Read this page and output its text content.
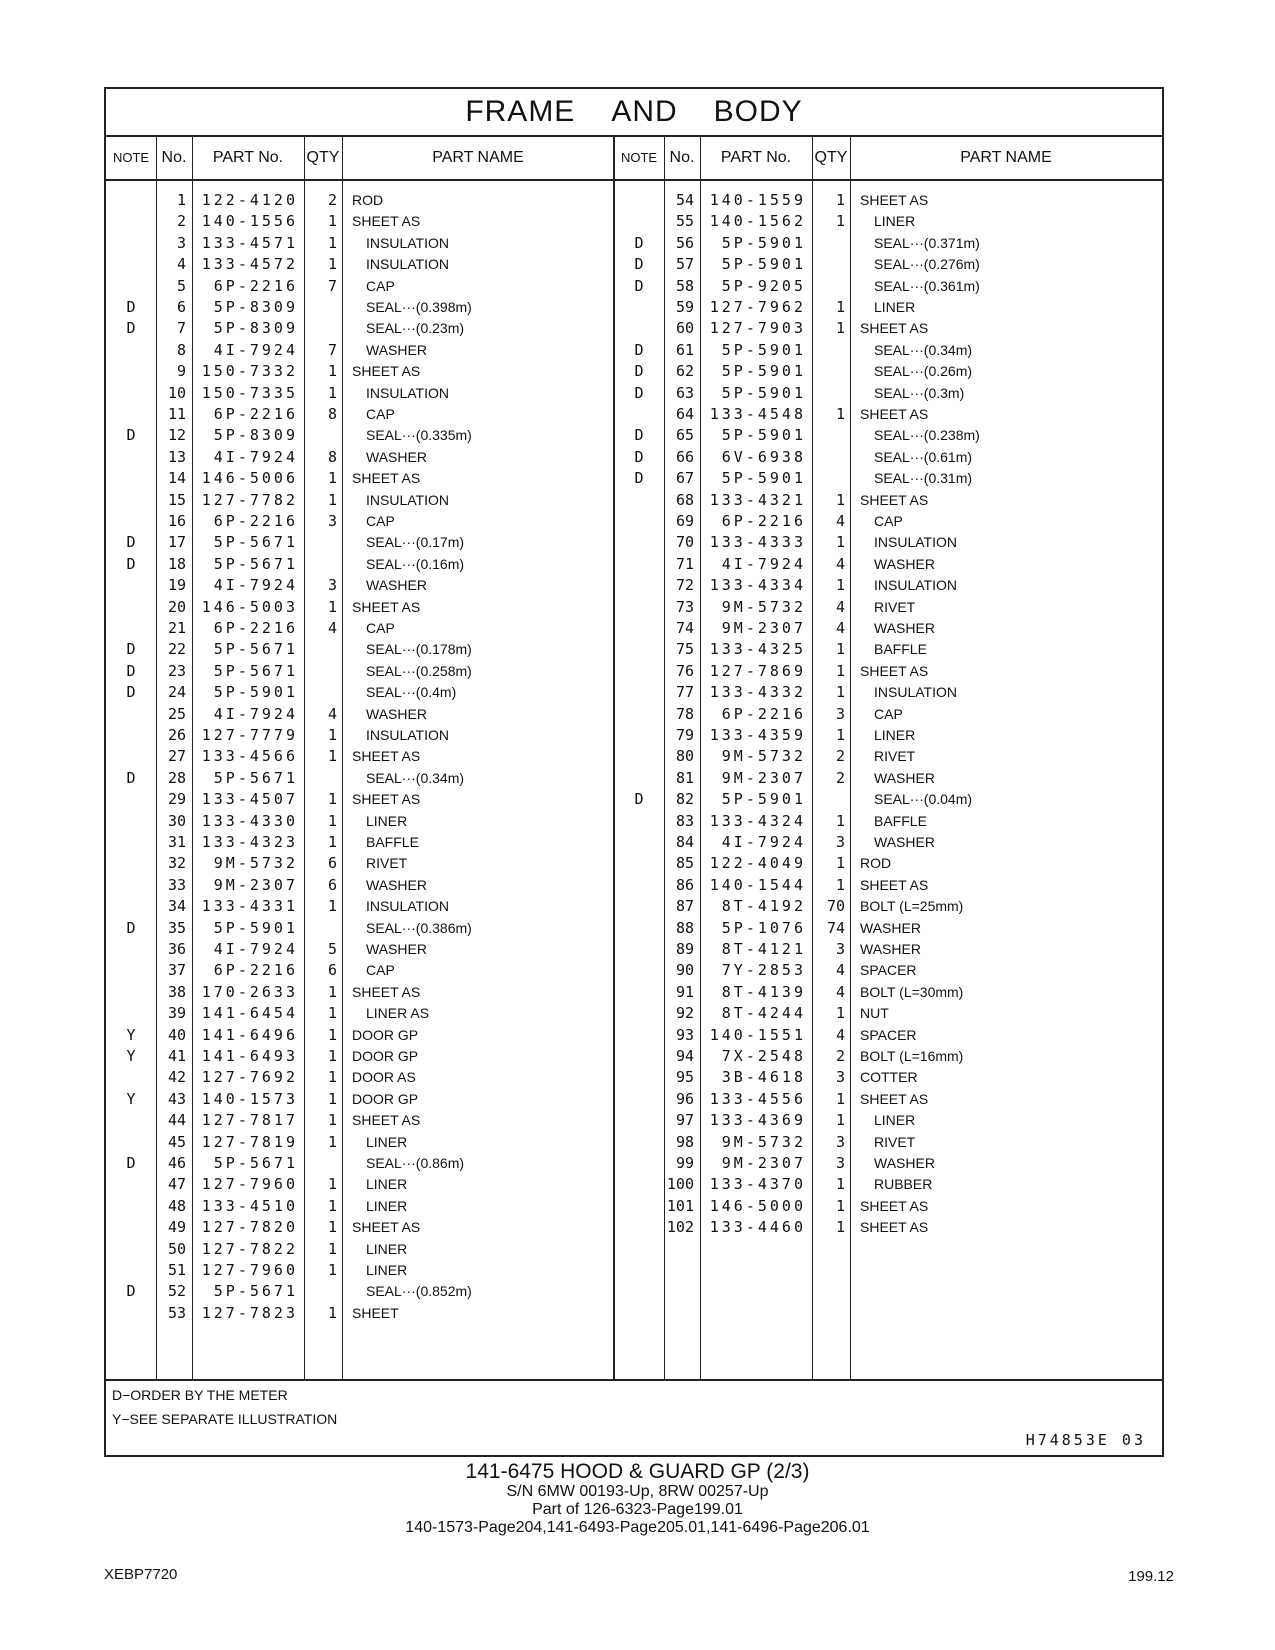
FRAME AND BODY
NOTE No.	PART No.	QTY	PART NAME	NOTE No.	PART No.	QTY	PART NAME
1	122-4120	2 ROD
2	140-1556	1 SHEET AS
3	133-4571	1	INSULATION
4	133-4572	1	INSULATION
5	6P-2216	7	CAP
D	6	5P-8309	SEAL···(0.398m)
D	7	5P-8309	SEAL···(0.23m)
8	4I-7924	7	WASHER
9	150-7332	1 SHEET AS
10	150-7335	1	INSULATION
11	6P-2216	8	CAP
D	12	5P-8309	SEAL···(0.335m)
13	4I-7924	8	WASHER
14	146-5006	1 SHEET AS
15	127-7782	1	INSULATION
16	6P-2216	3	CAP
D	17	5P-5671	SEAL···(0.17m)
D	18	5P-5671	SEAL···(0.16m)
19	4I-7924	3	WASHER
20	146-5003	1 SHEET AS
21	6P-2216	4	CAP
D	22	5P-5671	SEAL···(0.178m)
D	23	5P-5671	SEAL···(0.258m)
D	24	5P-5901	SEAL···(0.4m)
25	4I-7924	4	WASHER
26	127-7779	1	INSULATION
27	133-4566	1 SHEET AS
D	28	5P-5671	SEAL···(0.34m)
29	133-4507	1 SHEET AS
30	133-4330	1	LINER
31	133-4323	1	BAFFLE
32	9M-5732	6	RIVET
33	9M-2307	6	WASHER
34	133-4331	1	INSULATION
D	35	5P-5901	SEAL···(0.386m)
36	4I-7924	5	WASHER
37	6P-2216	6	CAP
38	170-2633	1 SHEET AS
39	141-6454	1	LINER AS
Y	40	141-6496	1 DOOR GP
Y	41	141-6493	1 DOOR GP
42	127-7692	1 DOOR AS
Y	43	140-1573	1 DOOR GP
44	127-7817	1 SHEET AS
45	127-7819	1	LINER
D	46	5P-5671	SEAL···(0.86m)
47	127-7960	1	LINER
48	133-4510	1	LINER
49	127-7820	1 SHEET AS
50	127-7822	1	LINER
51	127-7960	1	LINER
D	52	5P-5671	SEAL···(0.852m)
53	127-7823	1 SHEET
54	140-1559	1 SHEET AS
55	140-1562	1	LINER
D	56	5P-5901	SEAL···(0.371m)
D	57	5P-5901	SEAL···(0.276m)
D	58	5P-9205	SEAL···(0.361m)
59	127-7962	1	LINER
60	127-7903	1 SHEET AS
D	61	5P-5901	SEAL···(0.34m)
D	62	5P-5901	SEAL···(0.26m)
D	63	5P-5901	SEAL···(0.3m)
64	133-4548	1 SHEET AS
D	65	5P-5901	SEAL···(0.238m)
D	66	6V-6938	SEAL···(0.61m)
D	67	5P-5901	SEAL···(0.31m)
68	133-4321	1 SHEET AS
69	6P-2216	4	CAP
70	133-4333	1	INSULATION
71	4I-7924	4	WASHER
72	133-4334	1	INSULATION
73	9M-5732	4	RIVET
74	9M-2307	4	WASHER
75	133-4325	1	BAFFLE
76	127-7869	1 SHEET AS
77	133-4332	1	INSULATION
78	6P-2216	3	CAP
79	133-4359	1	LINER
80	9M-5732	2	RIVET
81	9M-2307	2	WASHER
D	82	5P-5901	SEAL···(0.04m)
83	133-4324	1	BAFFLE
84	4I-7924	3	WASHER
85	122-4049	1 ROD
86	140-1544	1 SHEET AS
87	8T-4192	70 BOLT (L=25mm)
88	5P-1076	74 WASHER
89	8T-4121	3 WASHER
90	7Y-2853	4 SPACER
91	8T-4139	4 BOLT (L=30mm)
92	8T-4244	1 NUT
93	140-1551	4 SPACER
94	7X-2548	2 BOLT (L=16mm)
95	3B-4618	3 COTTER
96	133-4556	1 SHEET AS
97	133-4369	1	LINER
98	9M-5732	3	RIVET
99	9M-2307	3	WASHER
100	133-4370	1	RUBBER
101	146-5000	1 SHEET AS
102	133-4460	1 SHEET AS
D−ORDER BY THE METER
Y−SEE SEPARATE ILLUSTRATION
H74853E 03
141-6475 HOOD & GUARD GP (2/3)
S/N 6MW 00193-Up, 8RW 00257-Up
Part of 126-6323-Page199.01
140-1573-Page204,141-6493-Page205.01,141-6496-Page206.01
XEBP7720	199.12
